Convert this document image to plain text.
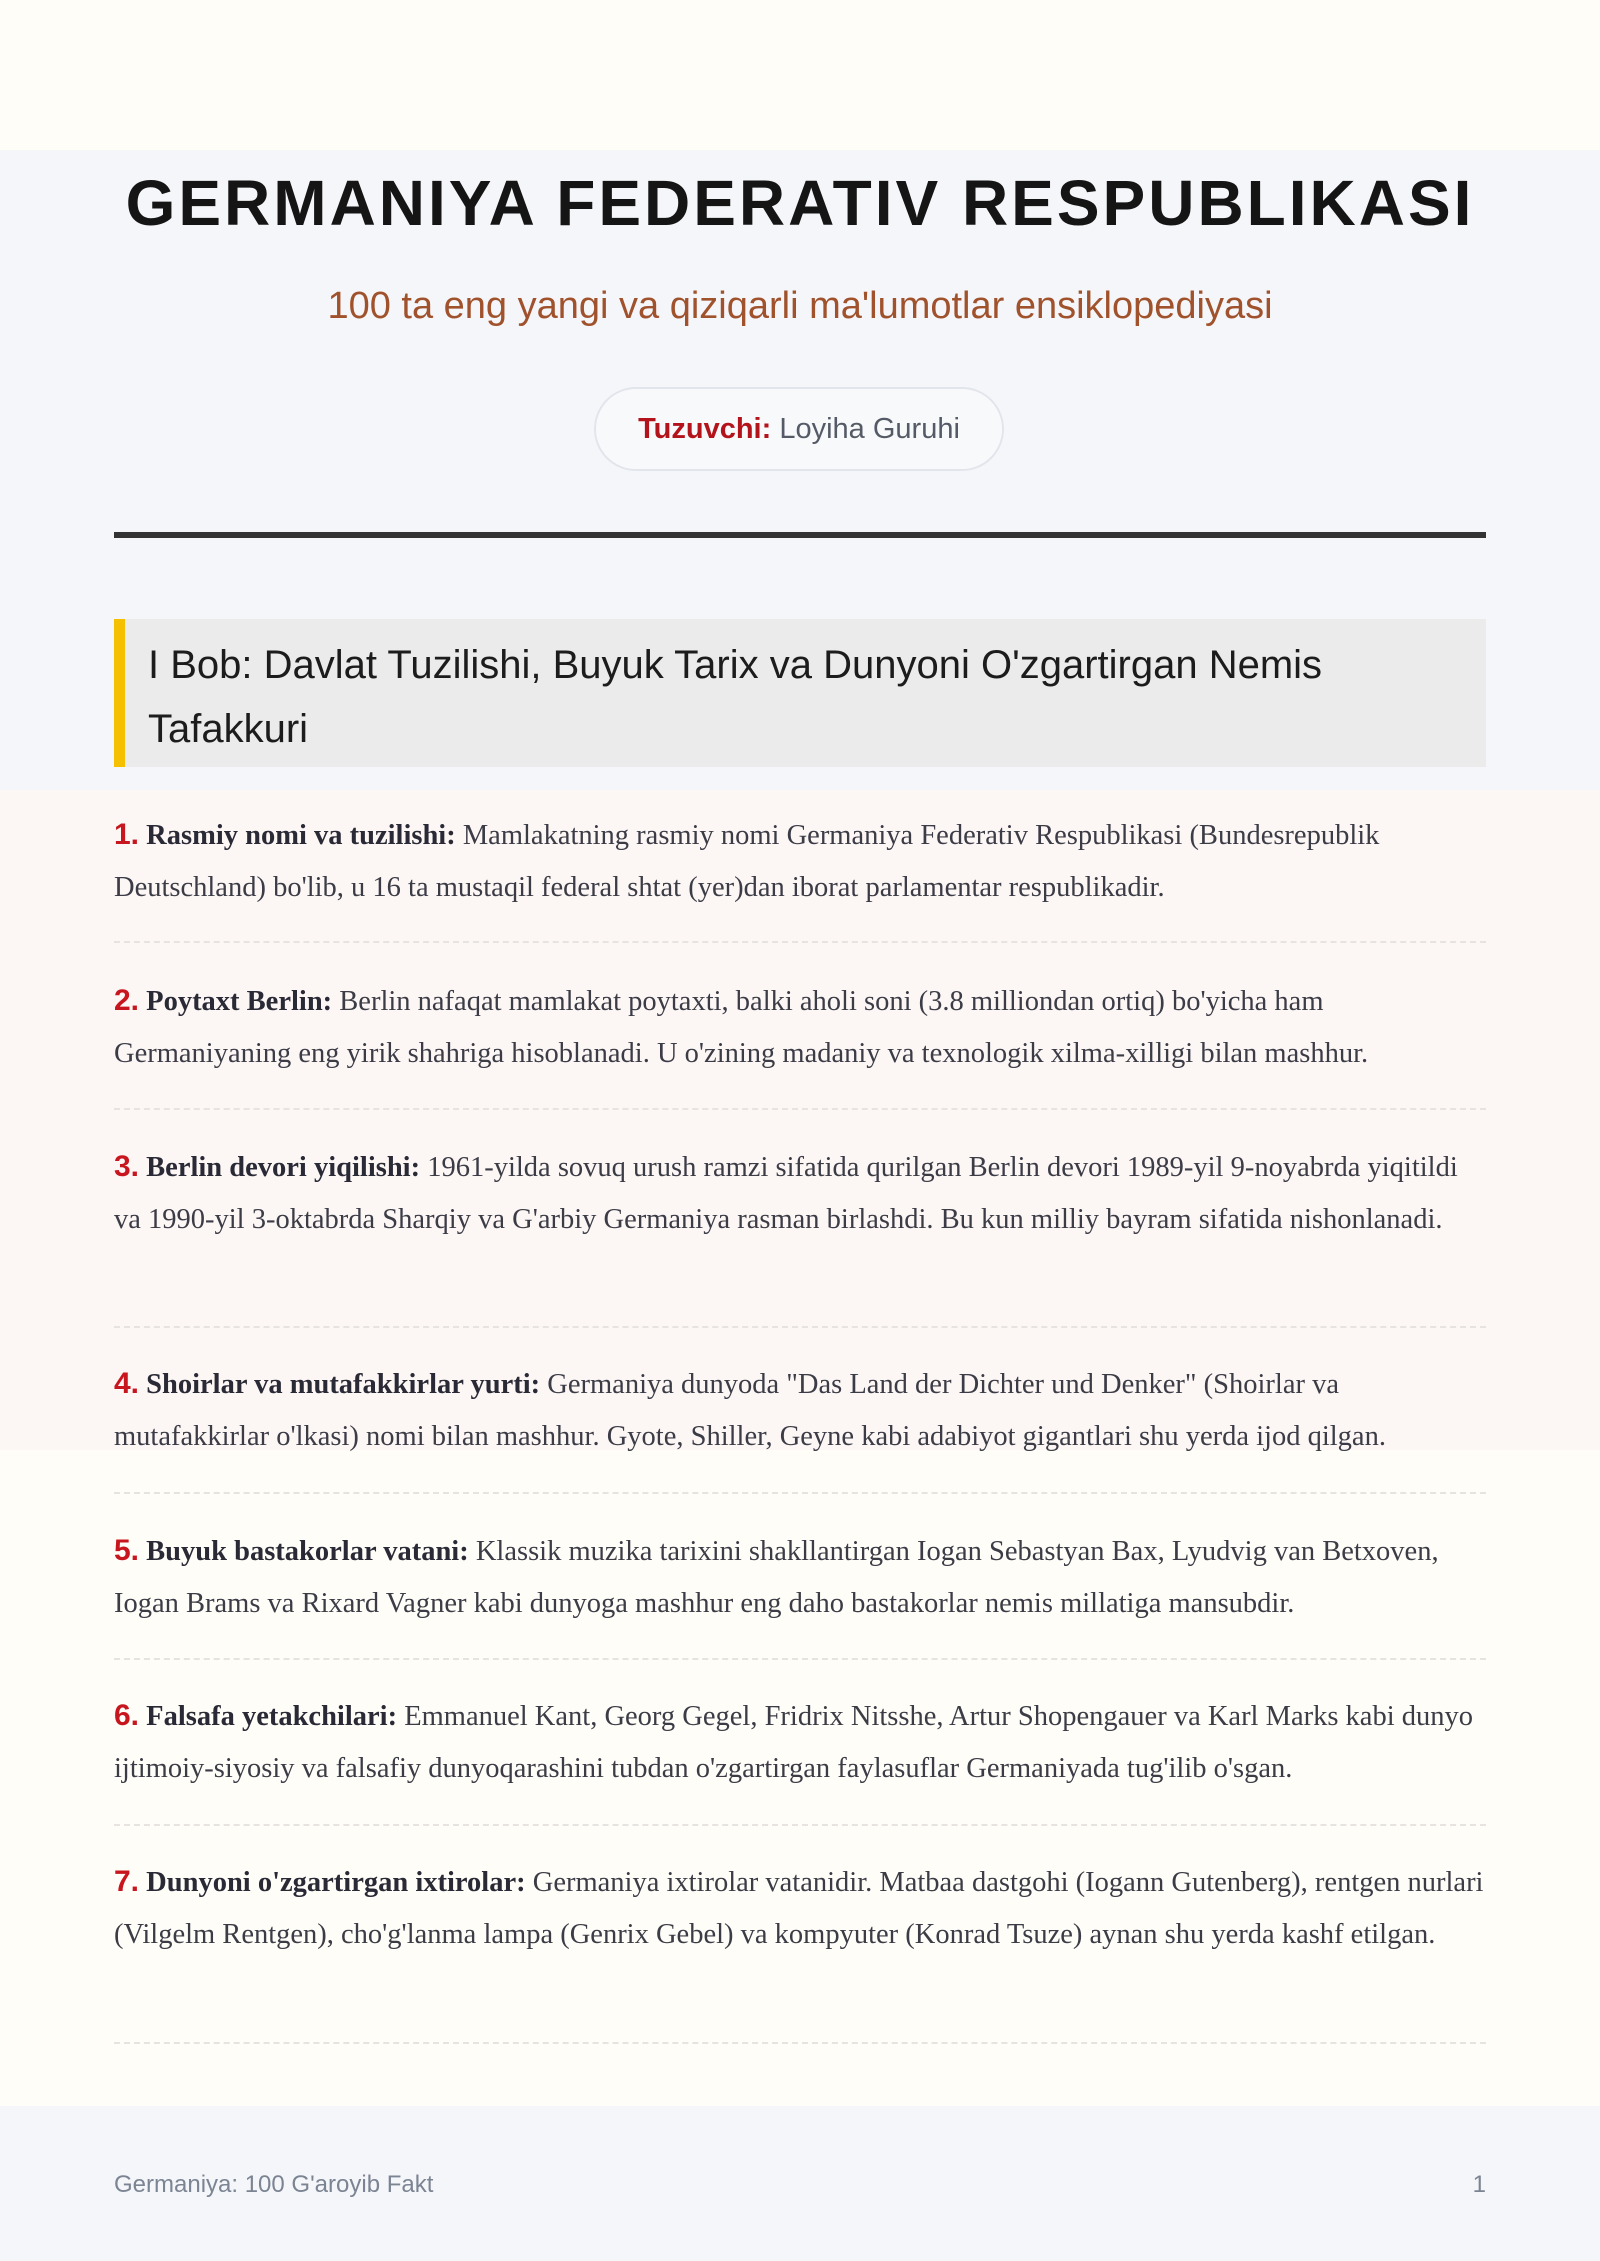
GERMANIYA FEDERATIV RESPUBLIKASI
100 ta eng yangi va qiziqarli ma'lumotlar ensiklopediyasi
Tuzuvchi: Loyiha Guruhi
I Bob: Davlat Tuzilishi, Buyuk Tarix va Dunyoni O'zgartirgan Nemis Tafakkuri

1. Rasmiy nomi va tuzilishi: Mamlakatning rasmiy nomi Germaniya Federativ Respublikasi (Bundesrepublik Deutschland) bo'lib, u 16 ta mustaqil federal shtat (yer)dan iborat parlamentar respublikadir.

2. Poytaxt Berlin: Berlin nafaqat mamlakat poytaxti, balki aholi soni (3.8 milliondan ortiq) bo'yicha ham Germaniyaning eng yirik shahriga hisoblanadi. U o'zining madaniy va texnologik xilma-xilligi bilan mashhur.

3. Berlin devori yiqilishi: 1961-yilda sovuq urush ramzi sifatida qurilgan Berlin devori 1989-yil 9-noyabrda yiqitildi va 1990-yil 3-oktabrda Sharqiy va G'arbiy Germaniya rasman birlashdi. Bu kun milliy bayram sifatida nishonlanadi.

4. Shoirlar va mutafakkirlar yurti: Germaniya dunyoda "Das Land der Dichter und Denker" (Shoirlar va mutafakkirlar o'lkasi) nomi bilan mashhur. Gyote, Shiller, Geyne kabi adabiyot gigantlari shu yerda ijod qilgan.

5. Buyuk bastakorlar vatani: Klassik muzika tarixini shakllantirgan Iogan Sebastyan Bax, Lyudvig van Betxoven, Iogan Brams va Rixard Vagner kabi dunyoga mashhur eng daho bastakorlar nemis millatiga mansubdir.

6. Falsafa yetakchilari: Emmanuel Kant, Georg Gegel, Fridrix Nitsshe, Artur Shopengauer va Karl Marks kabi dunyo ijtimoiy-siyosiy va falsafiy dunyoqarashini tubdan o'zgartirgan faylasuflar Germaniyada tug'ilib o'sgan.

7. Dunyoni o'zgartirgan ixtirolar: Germaniya ixtirolar vatanidir. Matbaa dastgohi (Iogann Gutenberg), rentgen nurlari (Vilgelm Rentgen), cho'g'lanma lampa (Genrix Gebel) va kompyuter (Konrad Tsuze) aynan shu yerda kashf etilgan.

Germaniya: 100 G'aroyib Fakt	1
